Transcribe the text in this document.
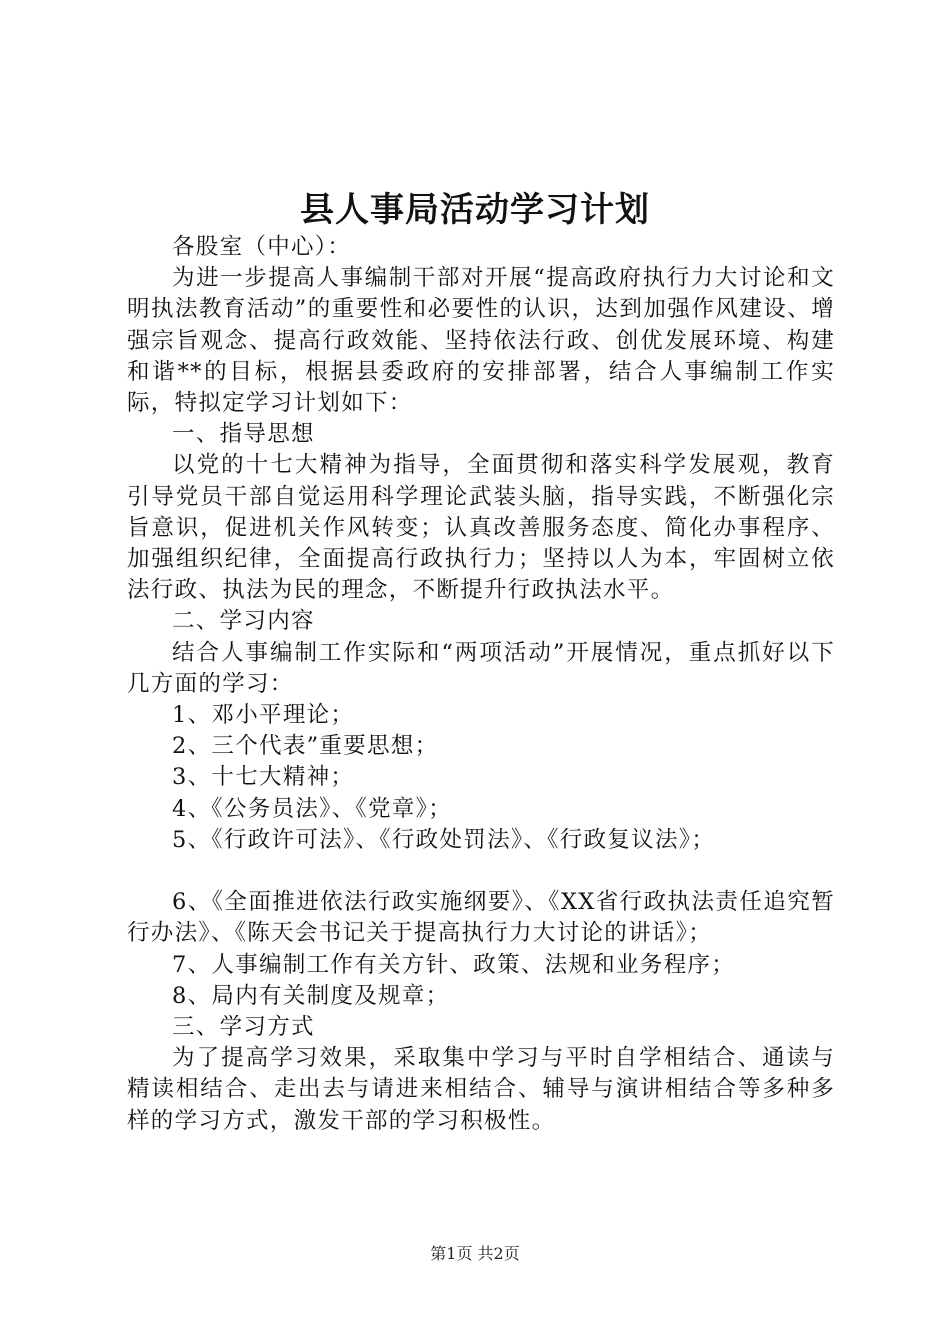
县人事局活动学习计划

各股室（中心）：

为进一步提高人事编制干部对开展“提高政府执行力大讨论和文明执法教育活动”的重要性和必要性的认识，达到加强作风建设、增强宗旨观念、提高行政效能、坚持依法行政、创优发展环境、构建和谐**的目标，根据县委政府的安排部署，结合人事编制工作实际，特拟定学习计划如下：

一、指导思想

以党的十七大精神为指导，全面贯彻和落实科学发展观，教育引导党员干部自觉运用科学理论武装头脑，指导实践，不断强化宗旨意识，促进机关作风转变；认真改善服务态度、简化办事程序、加强组织纪律，全面提高行政执行力；坚持以人为本，牢固树立依法行政、执法为民的理念，不断提升行政执法水平。

二、学习内容

结合人事编制工作实际和“两项活动”开展情况，重点抓好以下几方面的学习：

1、邓小平理论；

2、三个代表”重要思想；

3、十七大精神；

4、《公务员法》、《党章》；

5、《行政许可法》、《行政处罚法》、《行政复议法》；

6、《全面推进依法行政实施纲要》、《XX省行政执法责任追究暂行办法》、《陈天会书记关于提高执行力大讨论的讲话》；

7、人事编制工作有关方针、政策、法规和业务程序；

8、局内有关制度及规章；

三、学习方式

为了提高学习效果，采取集中学习与平时自学相结合、通读与精读相结合、走出去与请进来相结合、辅导与演讲相结合等多种多样的学习方式，激发干部的学习积极性。

第1页 共2页
